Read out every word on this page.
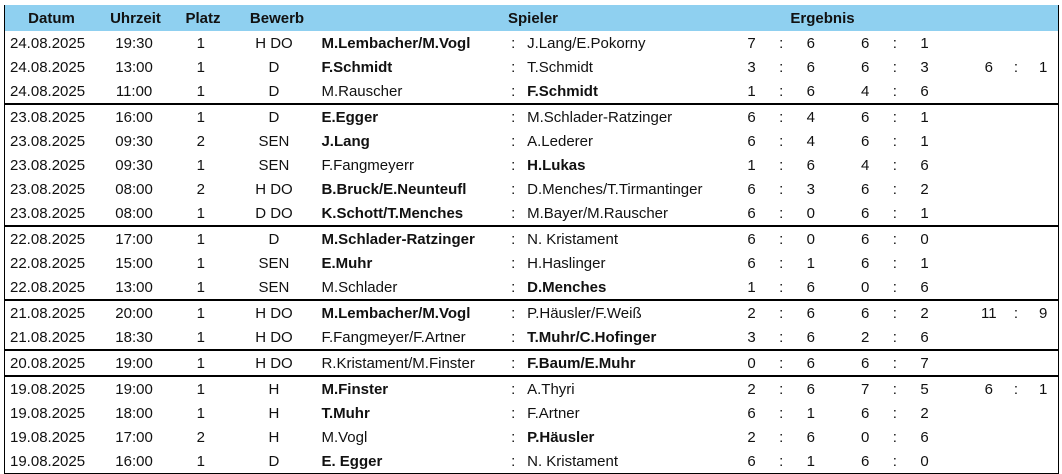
Datum	Uhrzeit	Platz	Bewerb	Spieler	Ergebnis
24.08.2025	19:30	1	H DO	M.Lembacher/M.Vogl	: J.Lang/E.Pokorny	7	:	6	6	:	1
24.08.2025	13:00	1	D	F.Schmidt	: T.Schmidt	3	:	6	6	:	3	6	:	1
24.08.2025	11:00	1	D	M.Rauscher	: F.Schmidt	1	:	6	4	:	6
23.08.2025	16:00	1	D	E.Egger	: M.Schlader-Ratzinger	6	:	4	6	:	1
23.08.2025	09:30	2	SEN	J.Lang	: A.Lederer	6	:	4	6	:	1
23.08.2025	09:30	1	SEN	F.Fangmeyerr	: H.Lukas	1	:	6	4	:	6
23.08.2025	08:00	2	H DO	B.Bruck/E.Neunteufl	: D.Menches/T.Tirmantinger	6	:	3	6	:	2
23.08.2025	08:00	1	D DO	K.Schott/T.Menches	: M.Bayer/M.Rauscher	6	:	0	6	:	1
22.08.2025	17:00	1	D	M.Schlader-Ratzinger	: N. Kristament	6	:	0	6	:	0
22.08.2025	15:00	1	SEN	E.Muhr	: H.Haslinger	6	:	1	6	:	1
22.08.2025	13:00	1	SEN	M.Schlader	: D.Menches	1	:	6	0	:	6
21.08.2025	20:00	1	H DO	M.Lembacher/M.Vogl	: P.Häusler/F.Weiß	2	:	6	6	:	2	11	:	9
21.08.2025	18:30	1	H DO	F.Fangmeyer/F.Artner	: T.Muhr/C.Hofinger	3	:	6	2	:	6
20.08.2025	19:00	1	H DO	R.Kristament/M.Finster	: F.Baum/E.Muhr	0	:	6	6	:	7
19.08.2025	19:00	1	H	M.Finster	: A.Thyri	2	:	6	7	:	5	6	:	1
19.08.2025	18:00	1	H	T.Muhr	: F.Artner	6	:	1	6	:	2
19.08.2025	17:00	2	H	M.Vogl	: P.Häusler	2	:	6	0	:	6
19.08.2025	16:00	1	D	E. Egger	: N. Kristament	6	:	1	6	:	0
